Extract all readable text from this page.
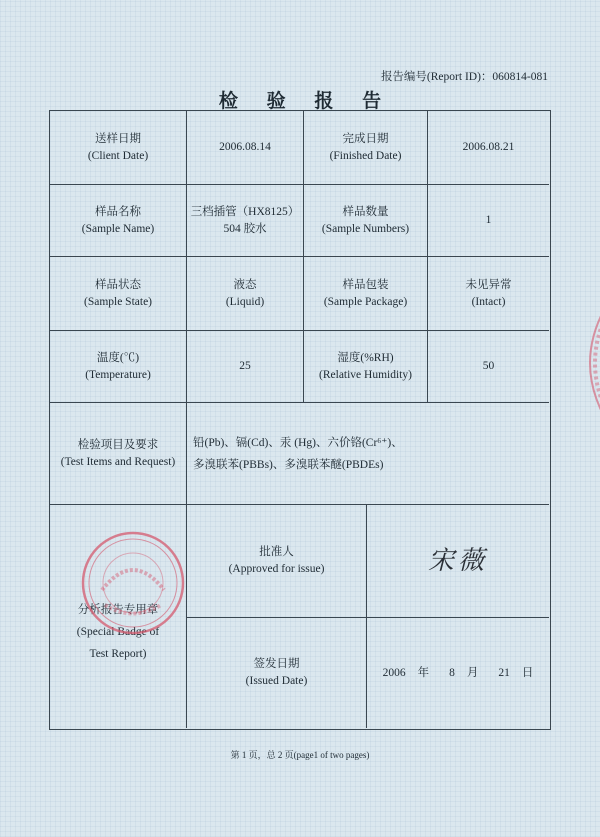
报告编号(Report ID)：060814-081
检 验 报 告
送样日期
(Client Date)
2006.08.14
完成日期
(Finished Date)
2006.08.21
样品名称
(Sample Name)
三档插管（HX8125）
504 胶水
样品数量
(Sample Numbers)
1
样品状态
(Sample State)
液态
(Liquid)
样品包装
(Sample Package)
未见异常
(Intact)
温度(℃)
(Temperature)
25
湿度(%RH)
(Relative Humidity)
50
检验项目及要求
(Test Items and Request)
铅(Pb)、镉(Cd)、汞 (Hg)、六价铬(Cr⁶⁺)、
多溴联苯(PBBs)、多溴联苯醚(PBDEs)
分析报告专用章
(Special Badge of
Test Report)
批准人
(Approved for issue)	宋薇
签发日期
(Issued Date)
2006 年 8 月 21 日
第 1 页，总 2 页(page1 of two pages)
